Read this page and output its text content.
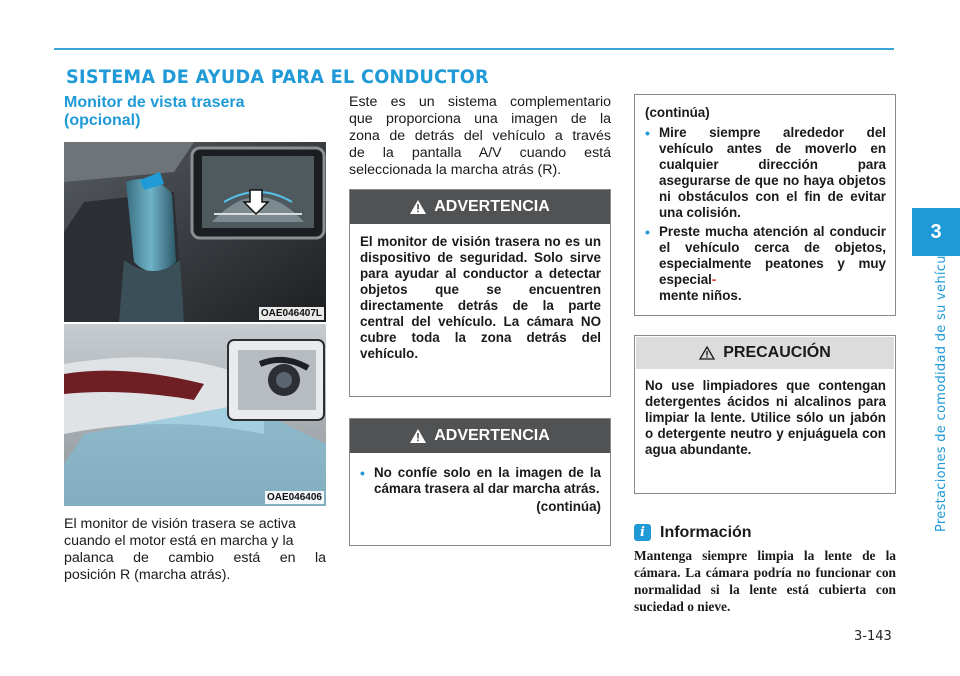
SISTEMA DE AYUDA PARA EL CONDUCTOR
3
Prestaciones de comodidad de su vehículo
Monitor de vista trasera
(opcional)
OAE046407L
OAE046406
El monitor de visión trasera se activa
cuando el motor está en marcha y la
palanca de cambio está en la
posición R (marcha atrás).
Este es un sistema complementario
que proporciona una imagen de la
zona de detrás del vehículo a través
de la pantalla A/V cuando está
seleccionada la marcha atrás (R).
ADVERTENCIA
El monitor de visión trasera no es un dispositivo de seguridad. Solo sirve para ayudar al conductor a detectar objetos que se encuentren directamente detrás de la parte central del vehículo. La cámara NO cubre toda la zona detrás del vehículo.
ADVERTENCIA
• No confíe solo en la imagen de la cámara trasera al dar marcha atrás.
(continúa)
(continúa)
• Mire siempre alrededor del vehículo antes de moverlo en cualquier dirección para asegurarse de que no haya objetos ni obstáculos con el fin de evitar una colisión.
• Preste mucha atención al conducir el vehículo cerca de objetos, especialmente peatones y muy especial-
mente niños.
PRECAUCIÓN
No use limpiadores que contengan detergentes ácidos ni alcalinos para limpiar la lente. Utilice sólo un jabón o detergente neutro y enjuáguela con agua abundante.
i Información
Mantenga siempre limpia la lente de la cámara. La cámara podría no funcionar con normalidad si la lente está cubierta con suciedad o nieve.
3-143
